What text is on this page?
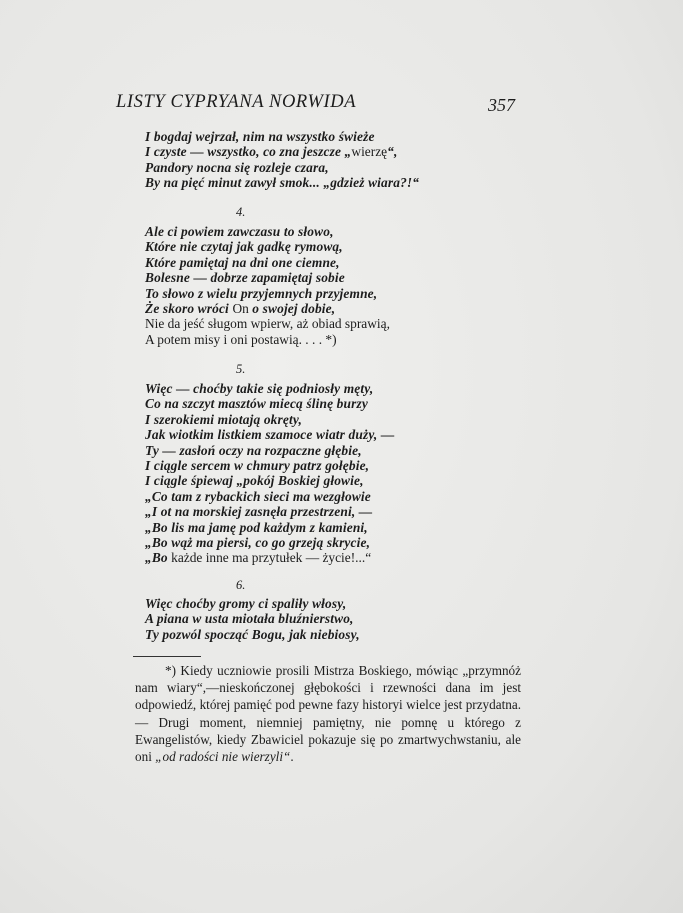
LISTY CYPRYANA NORWIDA	357
I bogdaj wejrzał, nim na wszystko świeże
I czyste — wszystko, co zna jeszcze „wierzę“,
Pandory nocna się rozleje czara,
By na pięć minut zawył smok... „gdzież wiara?!“
4.
Ale ci powiem zawczasu to słowo,
Które nie czytaj jak gadkę rymową,
Które pamiętaj na dni one ciemne,
Bolesne — dobrze zapamiętaj sobie
To słowo z wielu przyjemnych przyjemne,
Że skoro wróci On o swojej dobie,
Nie da jeść sługom wpierw, aż obiad sprawią,
A potem misy i oni postawią. . . . *)
5.
Więc — choćby takie się podniosły męty,
Co na szczyt masztów miecą ślinę burzy
I szerokiemi miotają okręty,
Jak wiotkim listkiem szamoce wiatr duży, —
Ty — zasłoń oczy na rozpaczne głębie,
I ciągle sercem w chmury patrz gołębie,
I ciągle śpiewaj „pokój Boskiej głowie,
„Co tam z rybackich sieci ma wezgłowie
„I ot na morskiej zasnęła przestrzeni, —
„Bo lis ma jamę pod każdym z kamieni,
„Bo wąż ma piersi, co go grzeją skrycie,
„Bo każde inne ma przytułek — życie!...“
6.
Więc choćby gromy ci spaliły włosy,
A piana w usta miotała bluźnierstwo,
Ty pozwól spocząć Bogu, jak niebiosy,
*) Kiedy uczniowie prosili Mistrza Boskiego, mówiąc „przymnóż nam wiary“,—nieskończonej głębokości i rzewności dana im jest odpowiedź, której pamięć pod pewne fazy historyi wielce jest przydatna. — Drugi moment, niemniej pamiętny, nie pomnę u którego z Ewangelistów, kiedy Zbawiciel pokazuje się po zmartwychwstaniu, ale oni „od radości nie wierzyli“.
